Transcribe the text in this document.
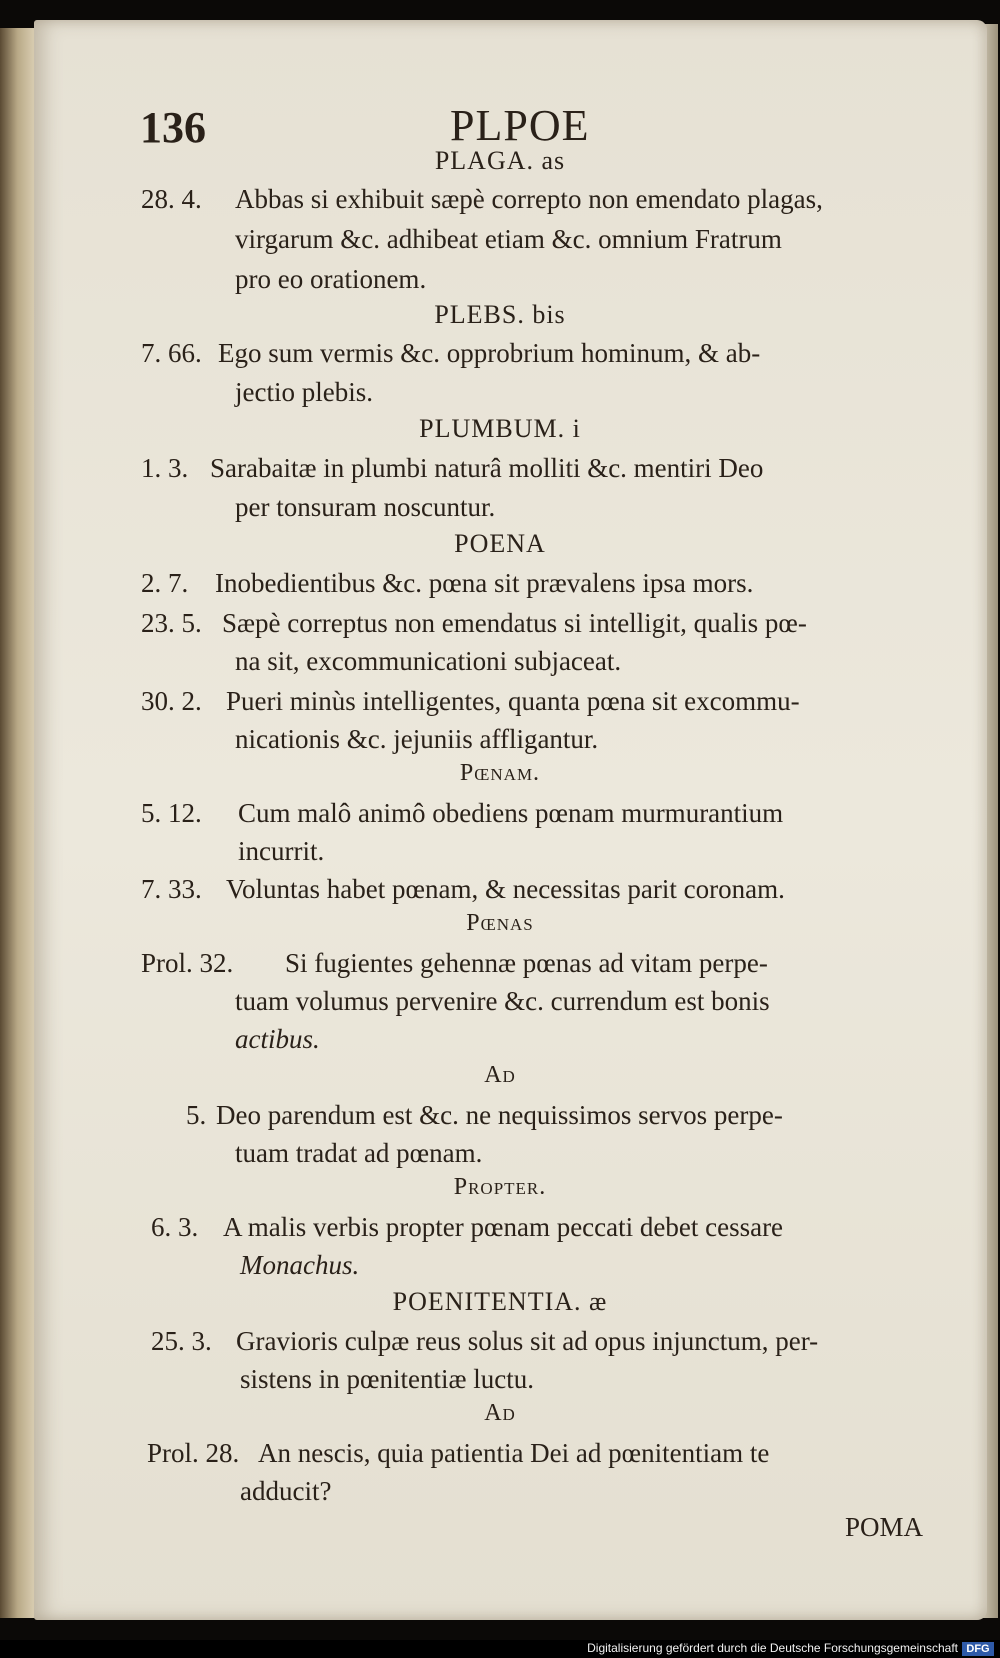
136	PLPOE
PLAGA. as
28. 4. Abbas si exhibuit sæpè correpto non emendato plagas,
virgarum &c. adhibeat etiam &c. omnium Fratrum
pro eo orationem.
PLEBS. bis
7. 66. Ego sum vermis &c. opprobrium hominum, & ab-
jectio plebis.
PLUMBUM. i
1. 3. Sarabaitæ in plumbi naturâ molliti &c. mentiri Deo
per tonsuram noscuntur.
POENA
2. 7. Inobedientibus &c. pœna sit prævalens ipsa mors.
23. 5. Sæpè correptus non emendatus si intelligit, qualis pœ-
na sit, excommunicationi subjaceat.
30. 2. Pueri minùs intelligentes, quanta pœna sit excommu-
nicationis &c. jejuniis affligantur.
Pœnam.
5. 12. Cum malô animô obediens pœnam murmurantium
incurrit.
7. 33. Voluntas habet pœnam, & necessitas parit coronam.
Pœnas
Prol. 32. Si fugientes gehennæ pœnas ad vitam perpe-
tuam volumus pervenire &c. currendum est bonis
actibus.
Ad
5. Deo parendum est &c. ne nequissimos servos perpe-
tuam tradat ad pœnam.
Propter.
6. 3. A malis verbis propter pœnam peccati debet cessare
Monachus.
POENITENTIA. æ
25. 3. Gravioris culpæ reus solus sit ad opus injunctum, per-
sistens in pœnitentiæ luctu.
Ad
Prol. 28. An nescis, quia patientia Dei ad pœnitentiam te
adducit?
POMA
Digitalisierung gefördert durch die Deutsche Forschungsgemeinschaft DFG
